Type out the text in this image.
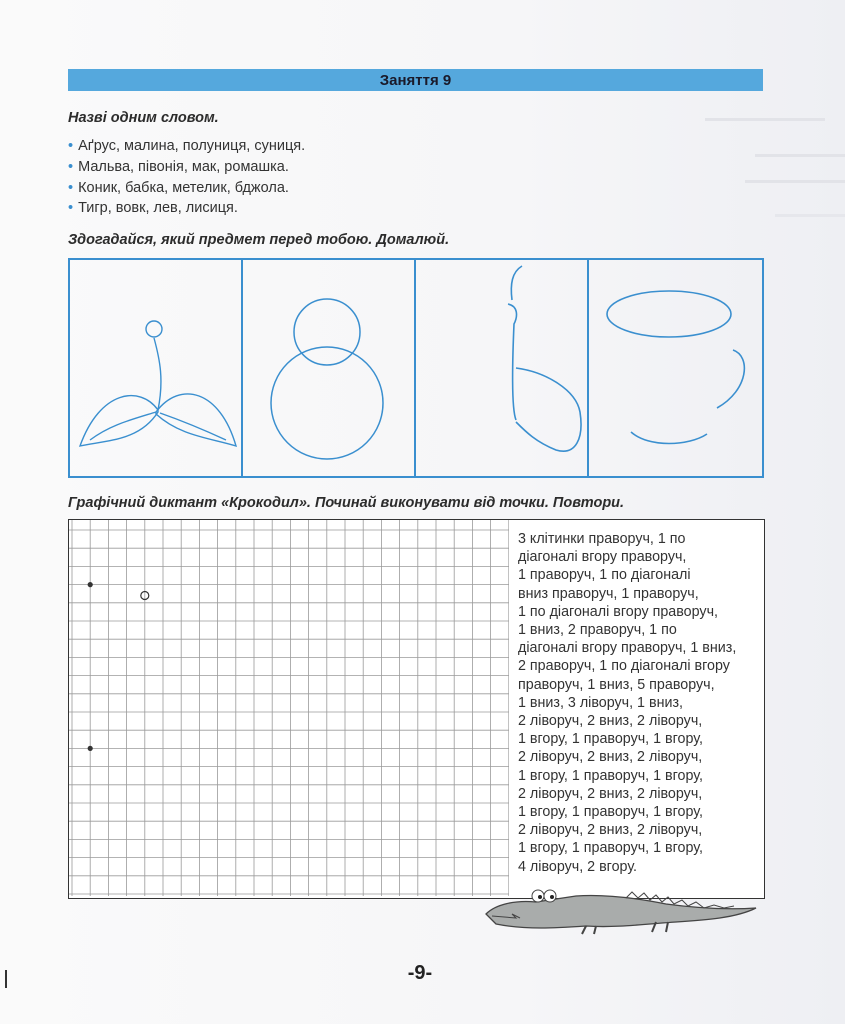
Заняття 9
Назві одним словом.
• Аґрус, малина, полуниця, суниця.
• Мальва, півонія, мак, ромашка.
• Коник, бабка, метелик, бджола.
• Тигр, вовк, лев, лисиця.
Здогадайся, який предмет перед тобою. Домалюй.
Графічний диктант «Крокодил». Починай виконувати від точки. Повтори.
3 клітинки праворуч, 1 по
діагоналі вгору праворуч,
1 праворуч, 1 по діагоналі
вниз праворуч, 1 праворуч,
1 по діагоналі вгору праворуч,
1 вниз, 2 праворуч, 1 по
діагоналі вгору праворуч, 1 вниз,
2 праворуч, 1 по діагоналі вгору
праворуч, 1 вниз, 5 праворуч,
1 вниз, 3 ліворуч, 1 вниз,
2 ліворуч, 2 вниз, 2 ліворуч,
1 вгору, 1 праворуч, 1 вгору,
2 ліворуч, 2 вниз, 2 ліворуч,
1 вгору, 1 праворуч, 1 вгору,
2 ліворуч, 2 вниз, 2 ліворуч,
1 вгору, 1 праворуч, 1 вгору,
2 ліворуч, 2 вниз, 2 ліворуч,
1 вгору, 1 праворуч, 1 вгору,
4 ліворуч, 2 вгору.
-9-
